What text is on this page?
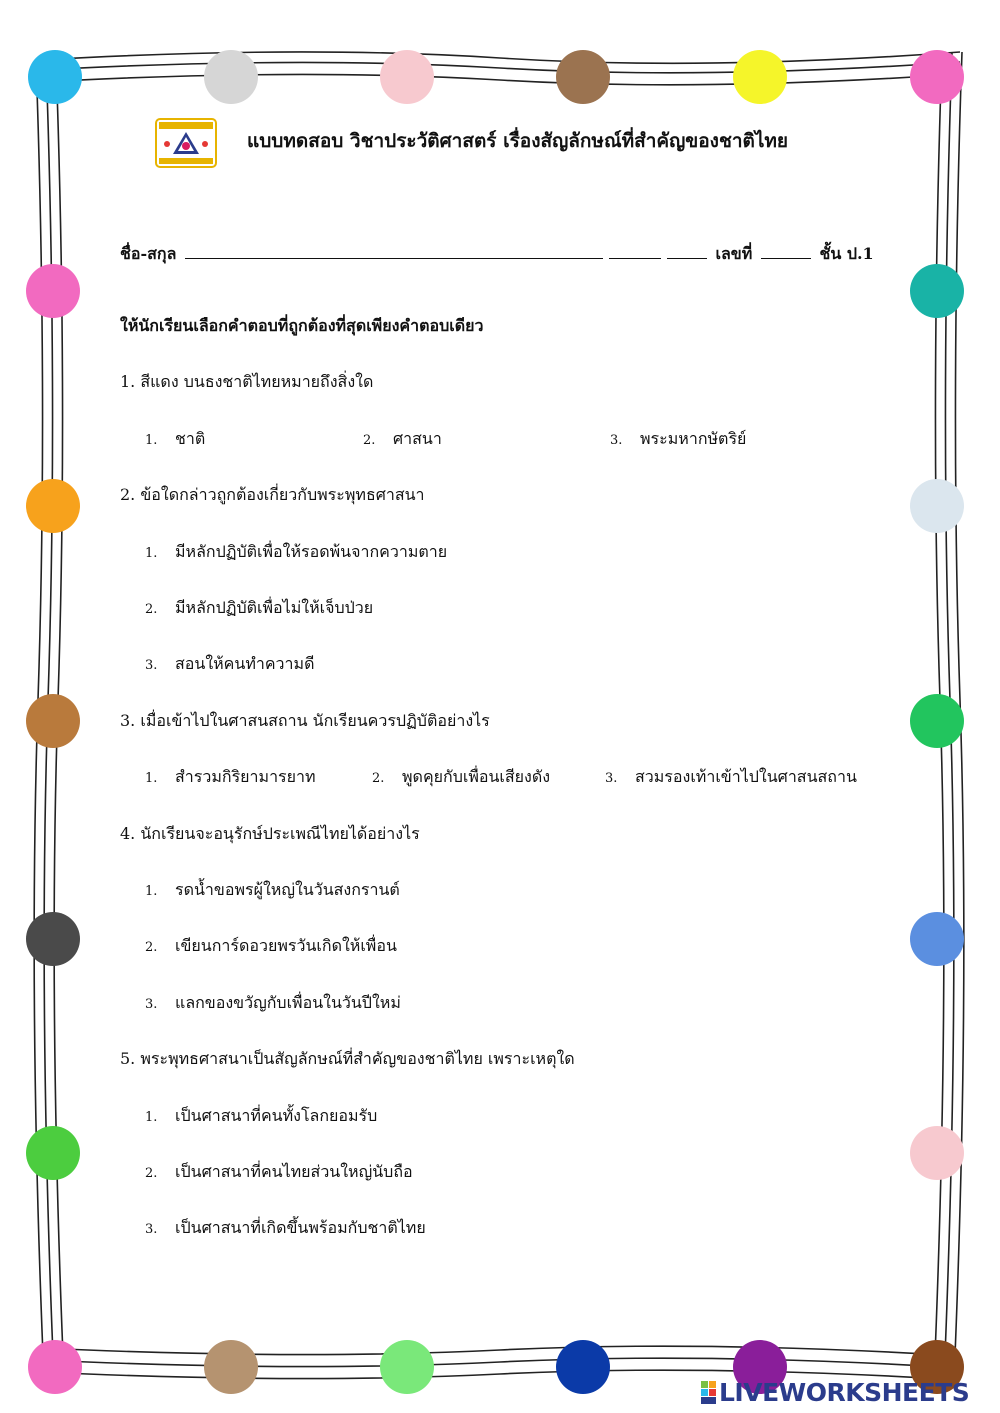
แบบทดสอบ วิชาประวัติศาสตร์ เรื่องสัญลักษณ์ที่สำคัญของชาติไทย
ชื่อ-สกุล	เลขที่	ชั้น ป.1
ให้นักเรียนเลือกคำตอบที่ถูกต้องที่สุดเพียงคำตอบเดียว
1. สีแดง บนธงชาติไทยหมายถึงสิ่งใด
1. ชาติ	2. ศาสนา	3. พระมหากษัตริย์
2. ข้อใดกล่าวถูกต้องเกี่ยวกับพระพุทธศาสนา
1. มีหลักปฏิบัติเพื่อให้รอดพ้นจากความตาย
2. มีหลักปฏิบัติเพื่อไม่ให้เจ็บป่วย
3. สอนให้คนทำความดี
3. เมื่อเข้าไปในศาสนสถาน นักเรียนควรปฏิบัติอย่างไร
1. สำรวมกิริยามารยาท	2. พูดคุยกับเพื่อนเสียงดัง	3. สวมรองเท้าเข้าไปในศาสนสถาน
4. นักเรียนจะอนุรักษ์ประเพณีไทยได้อย่างไร
1. รดน้ำขอพรผู้ใหญ่ในวันสงกรานต์
2. เขียนการ์ดอวยพรวันเกิดให้เพื่อน
3. แลกของขวัญกับเพื่อนในวันปีใหม่
5. พระพุทธศาสนาเป็นสัญลักษณ์ที่สำคัญของชาติไทย เพราะเหตุใด
1. เป็นศาสนาที่คนทั้งโลกยอมรับ
2. เป็นศาสนาที่คนไทยส่วนใหญ่นับถือ
3. เป็นศาสนาที่เกิดขึ้นพร้อมกับชาติไทย
LIVEWORKSHEETS
